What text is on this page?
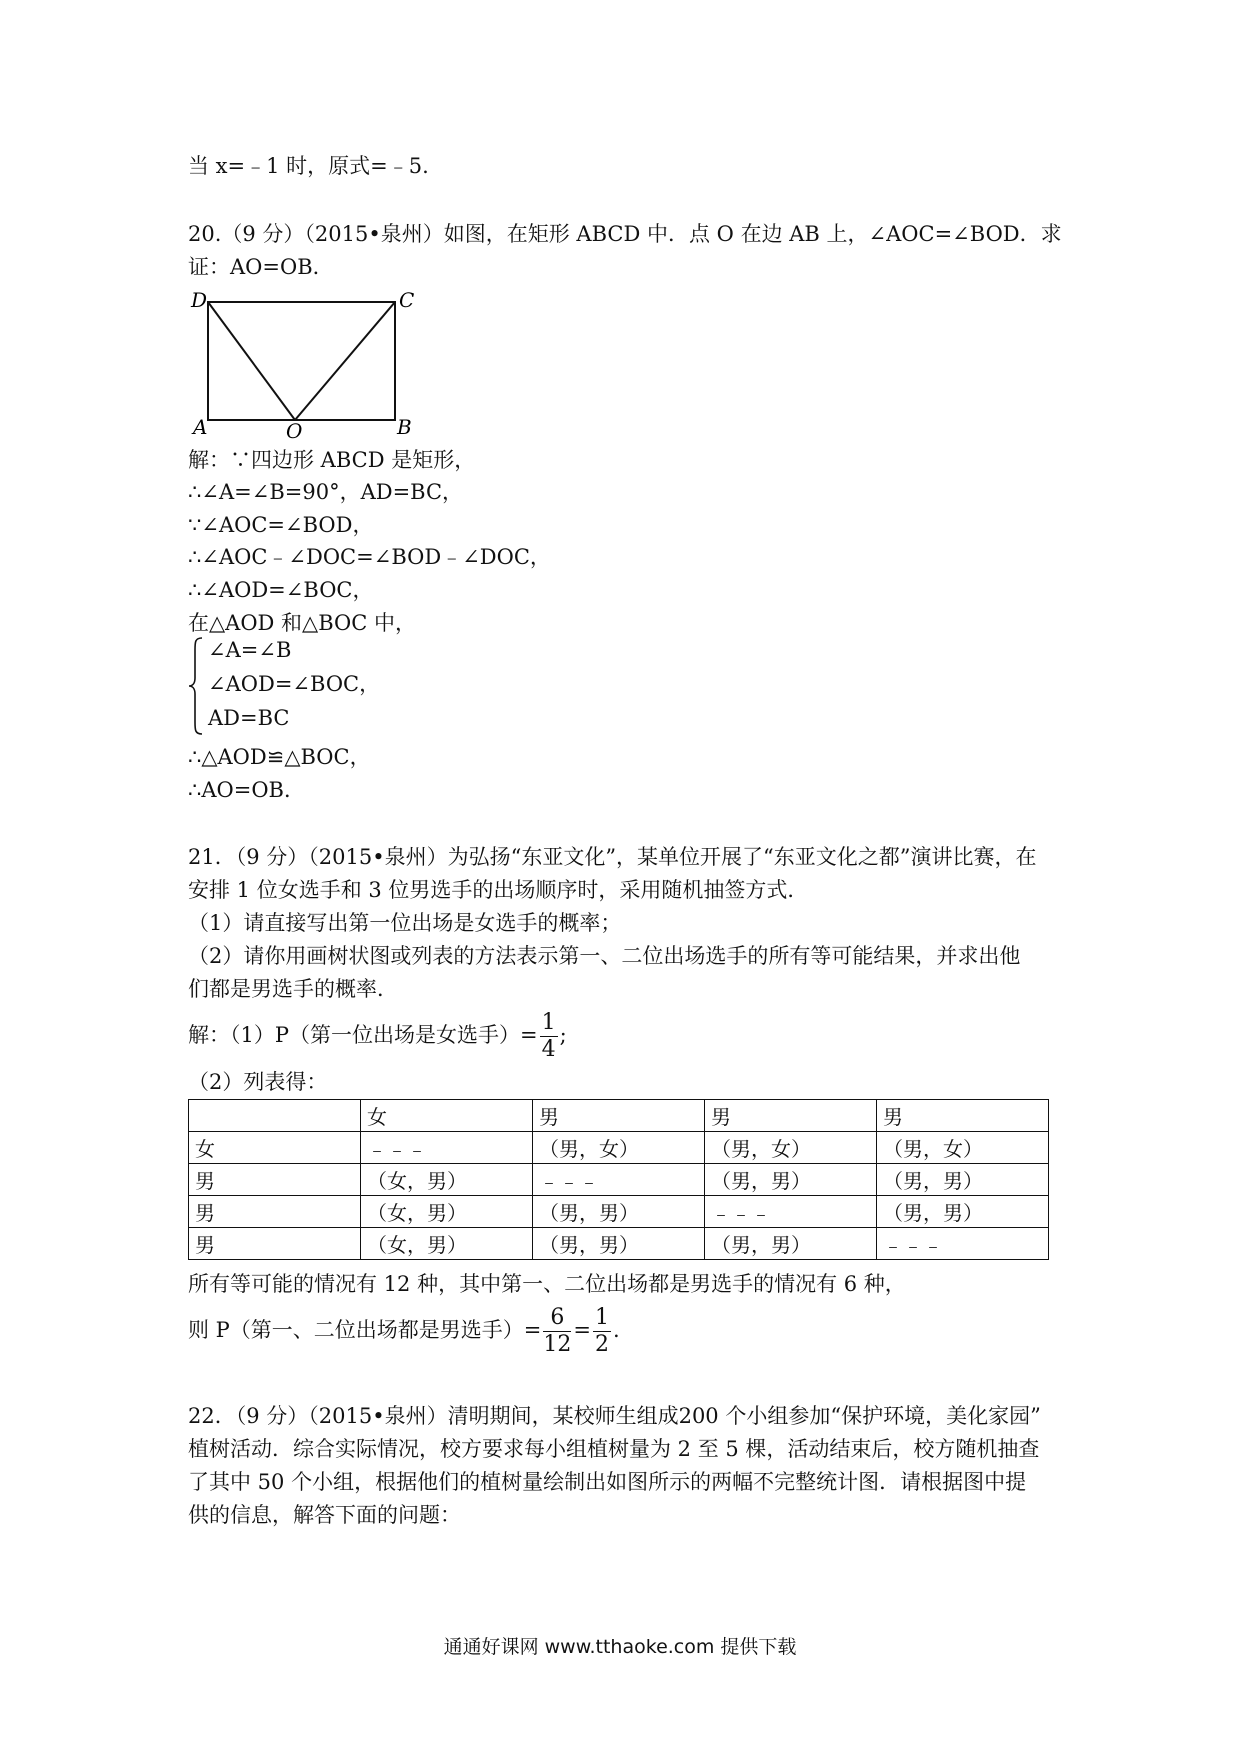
当 x=﹣1 时，原式=﹣5.
20.（9 分）（2015•泉州）如图，在矩形 ABCD 中．点 O 在边 AB 上，∠AOC=∠BOD．求
证：AO=OB．
D	C
A	O	B
解：∵四边形 ABCD 是矩形，
∴∠A=∠B=90°，AD=BC，
∵∠AOC=∠BOD，
∴∠AOC﹣∠DOC=∠BOD﹣∠DOC，
∴∠AOD=∠BOC，
在△AOD 和△BOC 中，
∠A=∠B
∠AOD=∠BOC，
AD=BC
∴△AOD≌△BOC，
∴AO=OB．
21．（9 分）（2015•泉州）为弘扬“东亚文化”，某单位开展了“东亚文化之都”演讲比赛，在
安排 1 位女选手和 3 位男选手的出场顺序时，采用随机抽签方式．
（1）请直接写出第一位出场是女选手的概率；
（2）请你用画树状图或列表的方法表示第一、二位出场选手的所有等可能结果，并求出他
们都是男选手的概率．
解：（1）P（第一位出场是女选手）= $\frac{1}{4}$ ;
（2）列表得：
	女	男	男	男
女	﹣﹣﹣	（男，女）	（男，女）	（男，女）
男	（女，男）	﹣﹣﹣	（男，男）	（男，男）
男	（女，男）	（男，男）	﹣﹣﹣	（男，男）
男	（女，男）	（男，男）	（男，男）	﹣﹣﹣
所有等可能的情况有 12 种，其中第一、二位出场都是男选手的情况有 6 种，
则 P（第一、二位出场都是男选手）= $\frac{6}{12} = \frac{1}{2}$ .
22．（9 分）（2015•泉州）清明期间，某校师生组成200 个小组参加“保护环境，美化家园”
植树活动．综合实际情况，校方要求每小组植树量为 2 至 5 棵，活动结束后，校方随机抽查
了其中 50 个小组，根据他们的植树量绘制出如图所示的两幅不完整统计图．请根据图中提
供的信息，解答下面的问题：
通通好课网 www.tthaoke.com 提供下载
